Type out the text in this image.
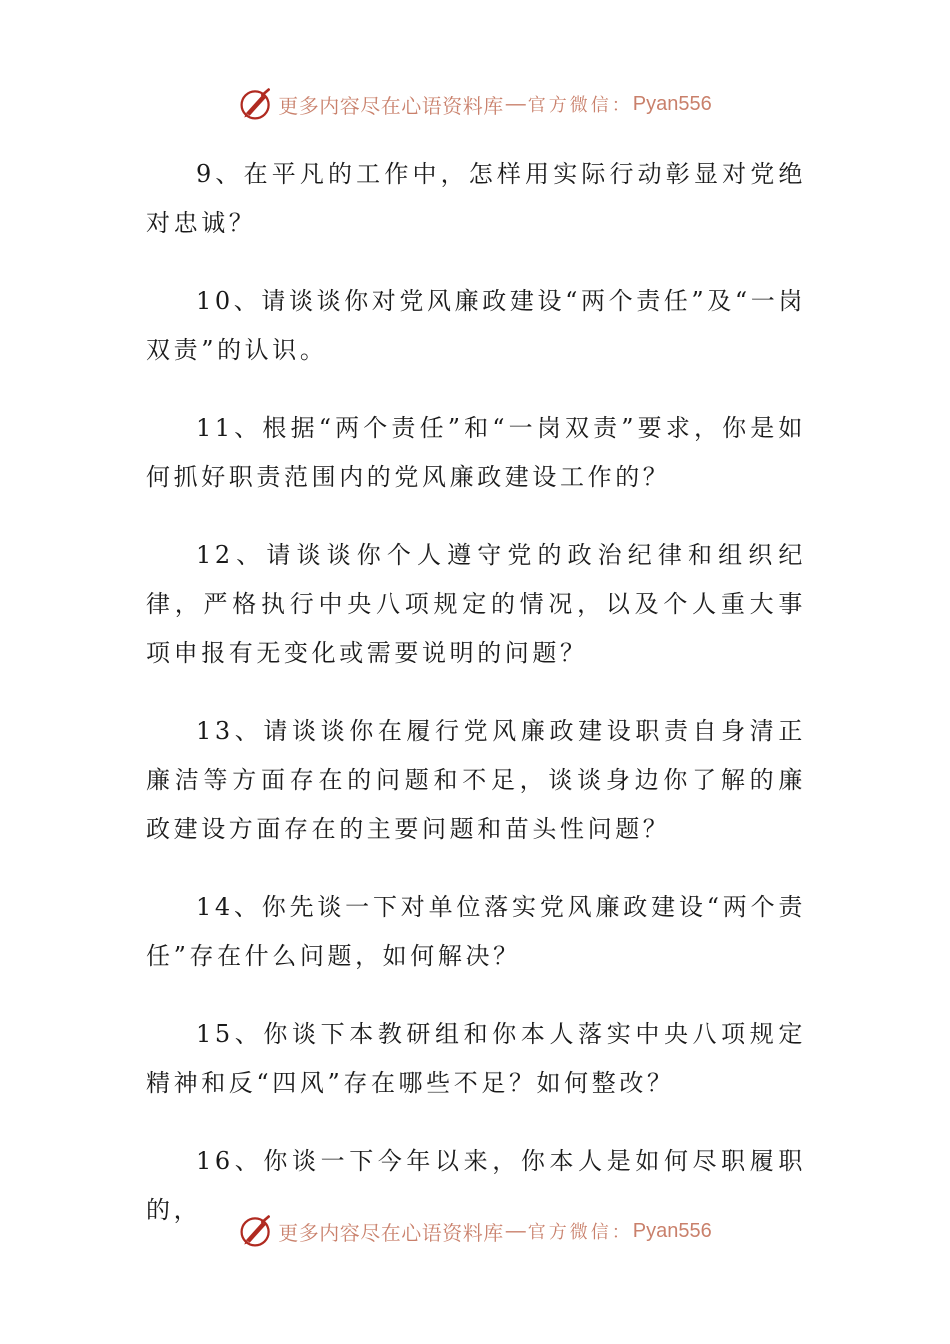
更多内容尽在心语资料库 — 官方微信： Pyan556

9、在平凡的工作中，怎样用实际行动彰显对党绝对忠诚？

10、请谈谈你对党风廉政建设“两个责任”及“一岗双责”的认识。

11、根据“两个责任”和“一岗双责”要求，你是如何抓好职责范围内的党风廉政建设工作的？

12、请谈谈你个人遵守党的政治纪律和组织纪律，严格执行中央八项规定的情况，以及个人重大事项申报有无变化或需要说明的问题？

13、请谈谈你在履行党风廉政建设职责自身清正廉洁等方面存在的问题和不足，谈谈身边你了解的廉政建设方面存在的主要问题和苗头性问题？

14、你先谈一下对单位落实党风廉政建设“两个责任”存在什么问题，如何解决？

15、你谈下本教研组和你本人落实中央八项规定精神和反“四风”存在哪些不足？如何整改？

16、你谈一下今年以来，你本人是如何尽职履职的，

更多内容尽在心语资料库 — 官方微信： Pyan556
